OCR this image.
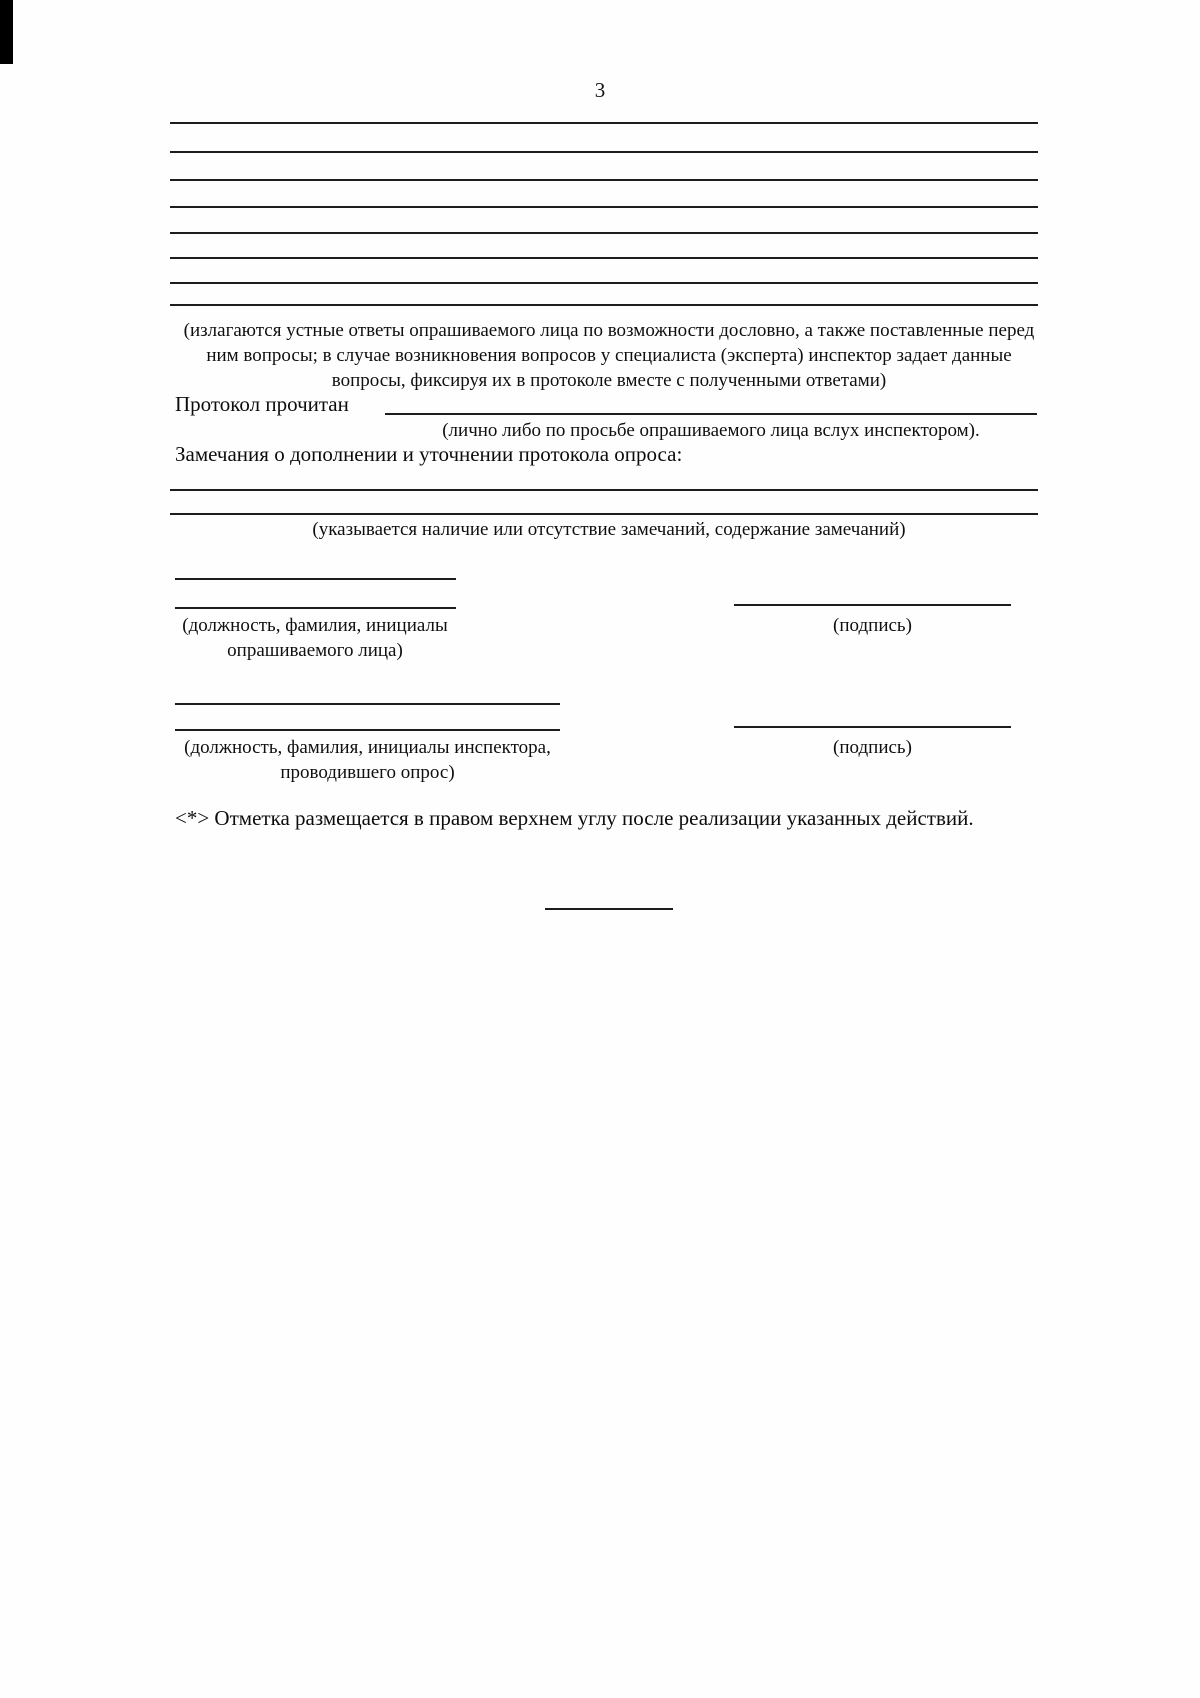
3
(излагаются устные ответы опрашиваемого лица по возможности дословно, а также поставленные перед ним вопросы; в случае возникновения вопросов у специалиста (эксперта) инспектор задает данные вопросы, фиксируя их в протоколе вместе с полученными ответами)
Протокол прочитан
(лично либо по просьбе опрашиваемого лица вслух инспектором).
Замечания о дополнении и уточнении протокола опроса:
(указывается наличие или отсутствие замечаний, содержание замечаний)
(должность, фамилия, инициалы
опрашиваемого лица)
(подпись)
(должность, фамилия, инициалы инспектора,
проводившего опрос)
(подпись)
<*> Отметка размещается в правом верхнем углу после реализации указанных действий.
